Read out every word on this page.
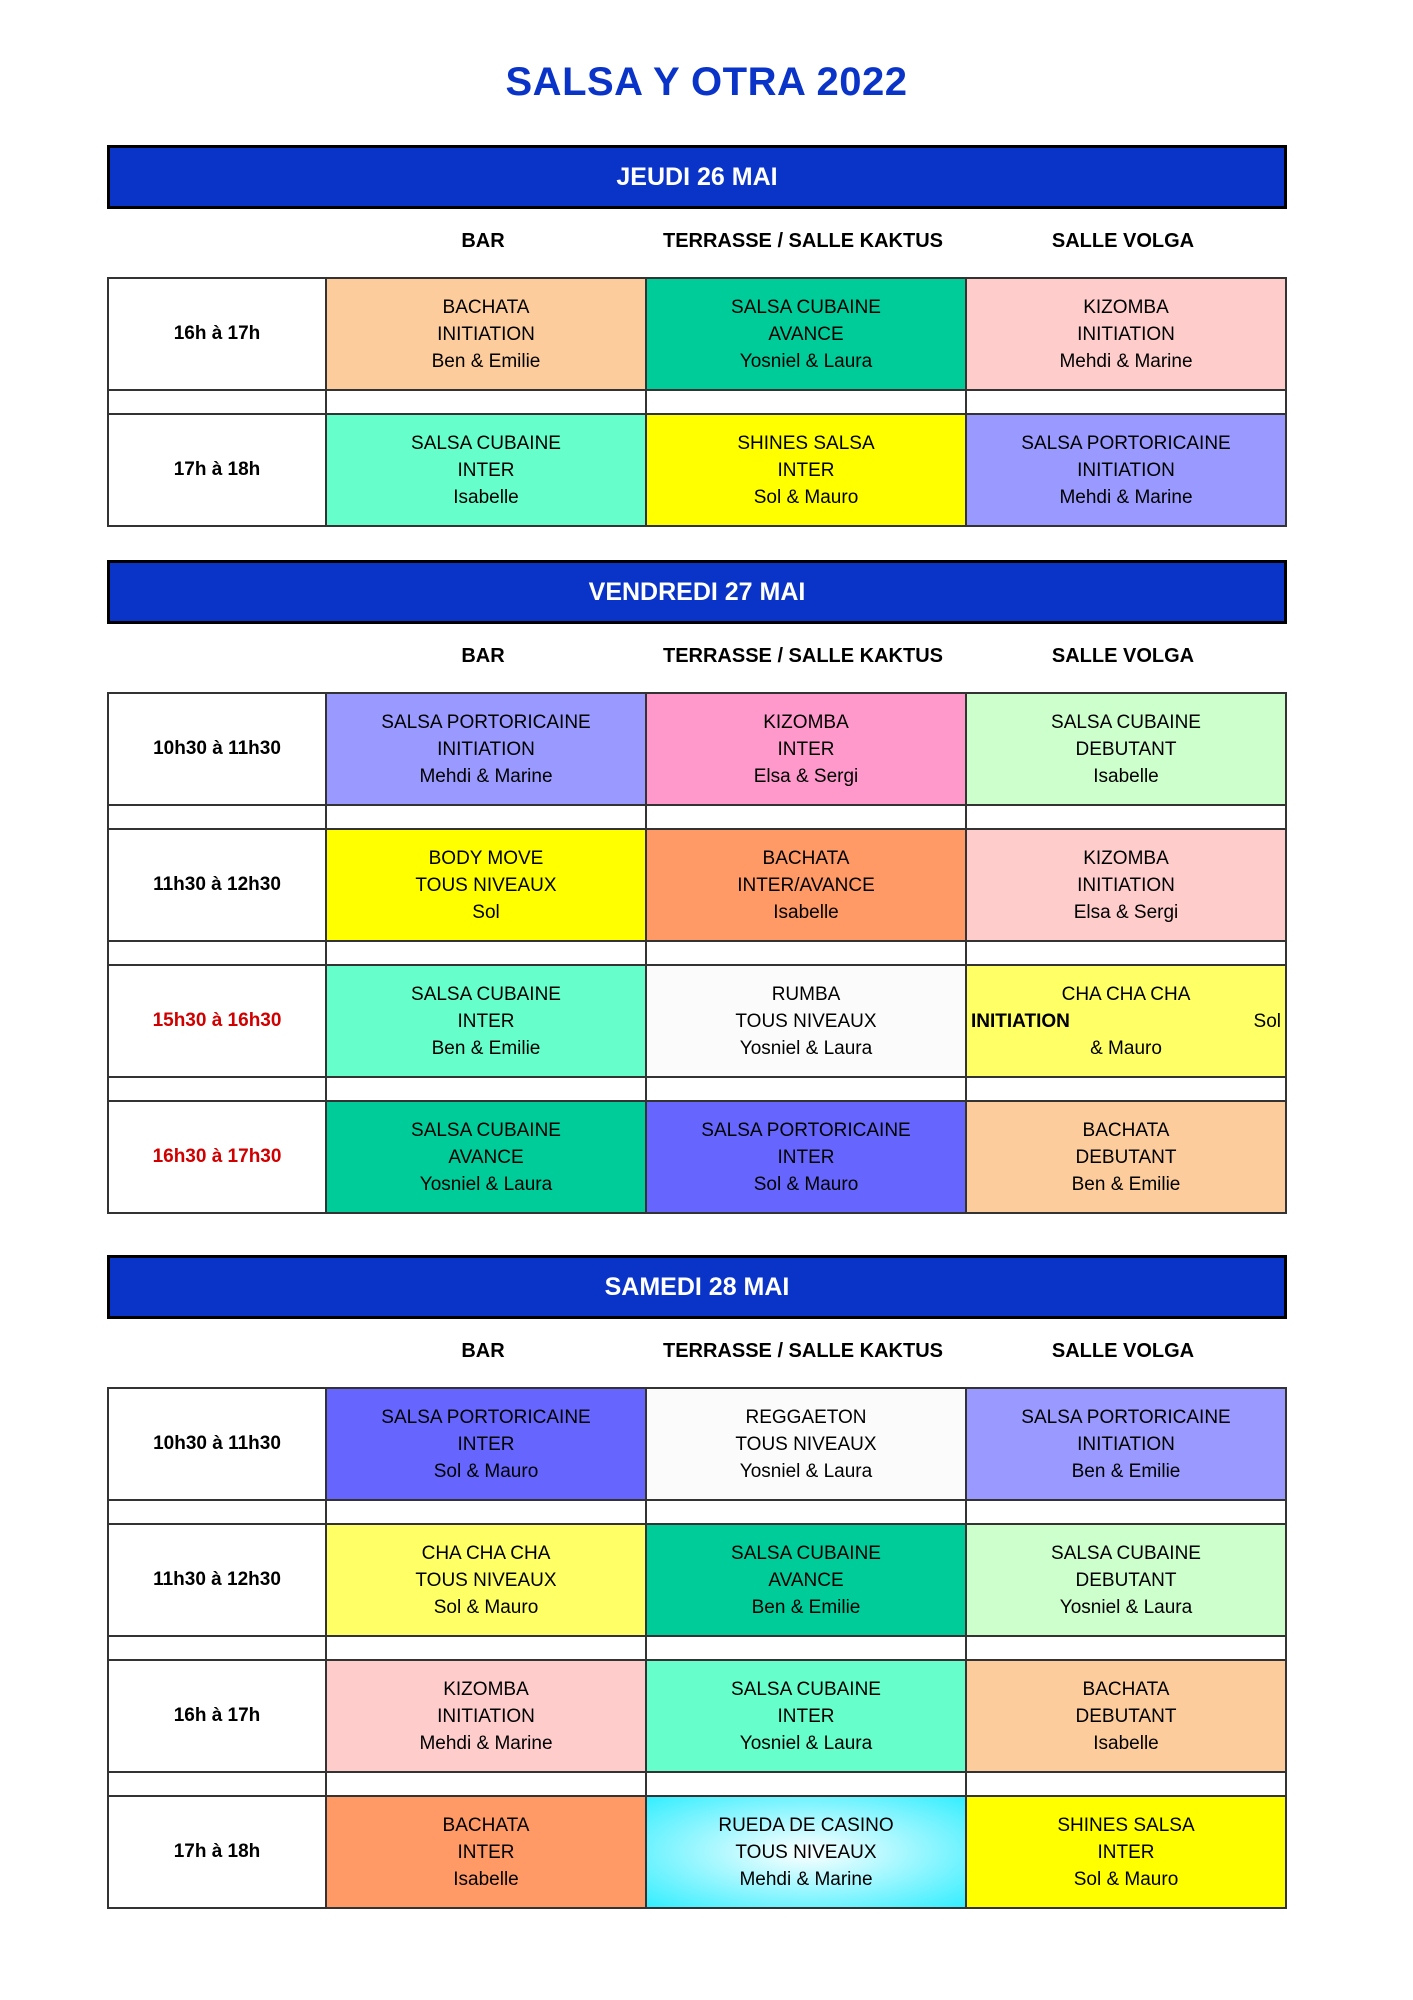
SALSA Y OTRA 2022
JEUDI 26 MAI
BAR	TERRASSE / SALLE KAKTUS	SALLE VOLGA
16h à 17h	BACHATA
INITIATION
Ben & Emilie	SALSA CUBAINE
AVANCE
Yosniel & Laura	KIZOMBA
INITIATION
Mehdi & Marine

17h à 18h	SALSA CUBAINE
INTER
Isabelle	SHINES SALSA
INTER
Sol & Mauro	SALSA PORTORICAINE
INITIATION
Mehdi & Marine
VENDREDI 27 MAI
BAR	TERRASSE / SALLE KAKTUS	SALLE VOLGA
10h30 à 11h30	SALSA PORTORICAINE
INITIATION
Mehdi & Marine	KIZOMBA
INTER
Elsa & Sergi	SALSA CUBAINE
DEBUTANT
Isabelle

11h30 à 12h30	BODY MOVE
TOUS NIVEAUX
Sol	BACHATA
INTER/AVANCE
Isabelle	KIZOMBA
INITIATION
Elsa & Sergi

15h30 à 16h30	SALSA CUBAINE
INTER
Ben & Emilie	RUMBA
TOUS NIVEAUX
Yosniel & Laura	CHA CHA CHA
INITIATION Sol
& Mauro

16h30 à 17h30	SALSA CUBAINE
AVANCE
Yosniel & Laura	SALSA PORTORICAINE
INTER
Sol & Mauro	BACHATA
DEBUTANT
Ben & Emilie
SAMEDI 28 MAI
BAR	TERRASSE / SALLE KAKTUS	SALLE VOLGA
10h30 à 11h30	SALSA PORTORICAINE
INTER
Sol & Mauro	REGGAETON
TOUS NIVEAUX
Yosniel & Laura	SALSA PORTORICAINE
INITIATION
Ben & Emilie

11h30 à 12h30	CHA CHA CHA
TOUS NIVEAUX
Sol & Mauro	SALSA CUBAINE
AVANCE
Ben & Emilie	SALSA CUBAINE
DEBUTANT
Yosniel & Laura

16h à 17h	KIZOMBA
INITIATION
Mehdi & Marine	SALSA CUBAINE
INTER
Yosniel & Laura	BACHATA
DEBUTANT
Isabelle

17h à 18h	BACHATA
INTER
Isabelle	RUEDA DE CASINO
TOUS NIVEAUX
Mehdi & Marine	SHINES SALSA
INTER
Sol & Mauro
